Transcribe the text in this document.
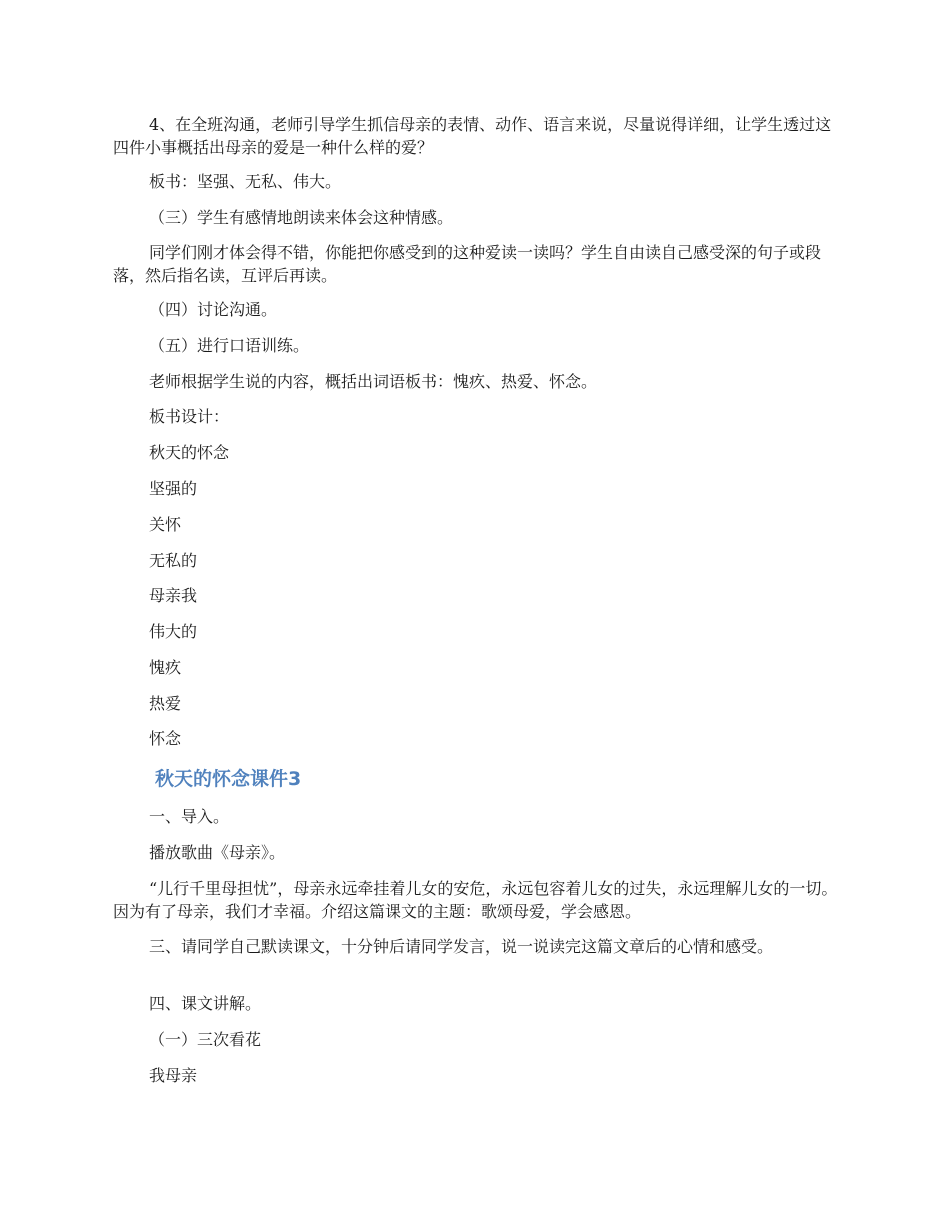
4、在全班沟通，老师引导学生抓信母亲的表情、动作、语言来说，尽量说得详细，让学生透过这四件小事概括出母亲的爱是一种什么样的爱？
板书：坚强、无私、伟大。
（三）学生有感情地朗读来体会这种情感。
同学们刚才体会得不错，你能把你感受到的这种爱读一读吗？学生自由读自己感受深的句子或段落，然后指名读，互评后再读。
（四）讨论沟通。
（五）进行口语训练。
老师根据学生说的内容，概括出词语板书：愧疚、热爱、怀念。
板书设计：
秋天的怀念
坚强的
关怀
无私的
母亲我
伟大的
愧疚
热爱
怀念
秋天的怀念课件3
一、导入。
播放歌曲《母亲》。
“儿行千里母担忧”，母亲永远牵挂着儿女的安危，永远包容着儿女的过失，永远理解儿女的一切。因为有了母亲，我们才幸福。介绍这篇课文的主题：歌颂母爱，学会感恩。
三、请同学自己默读课文，十分钟后请同学发言，说一说读完这篇文章后的心情和感受。
四、课文讲解。
（一）三次看花
我母亲
